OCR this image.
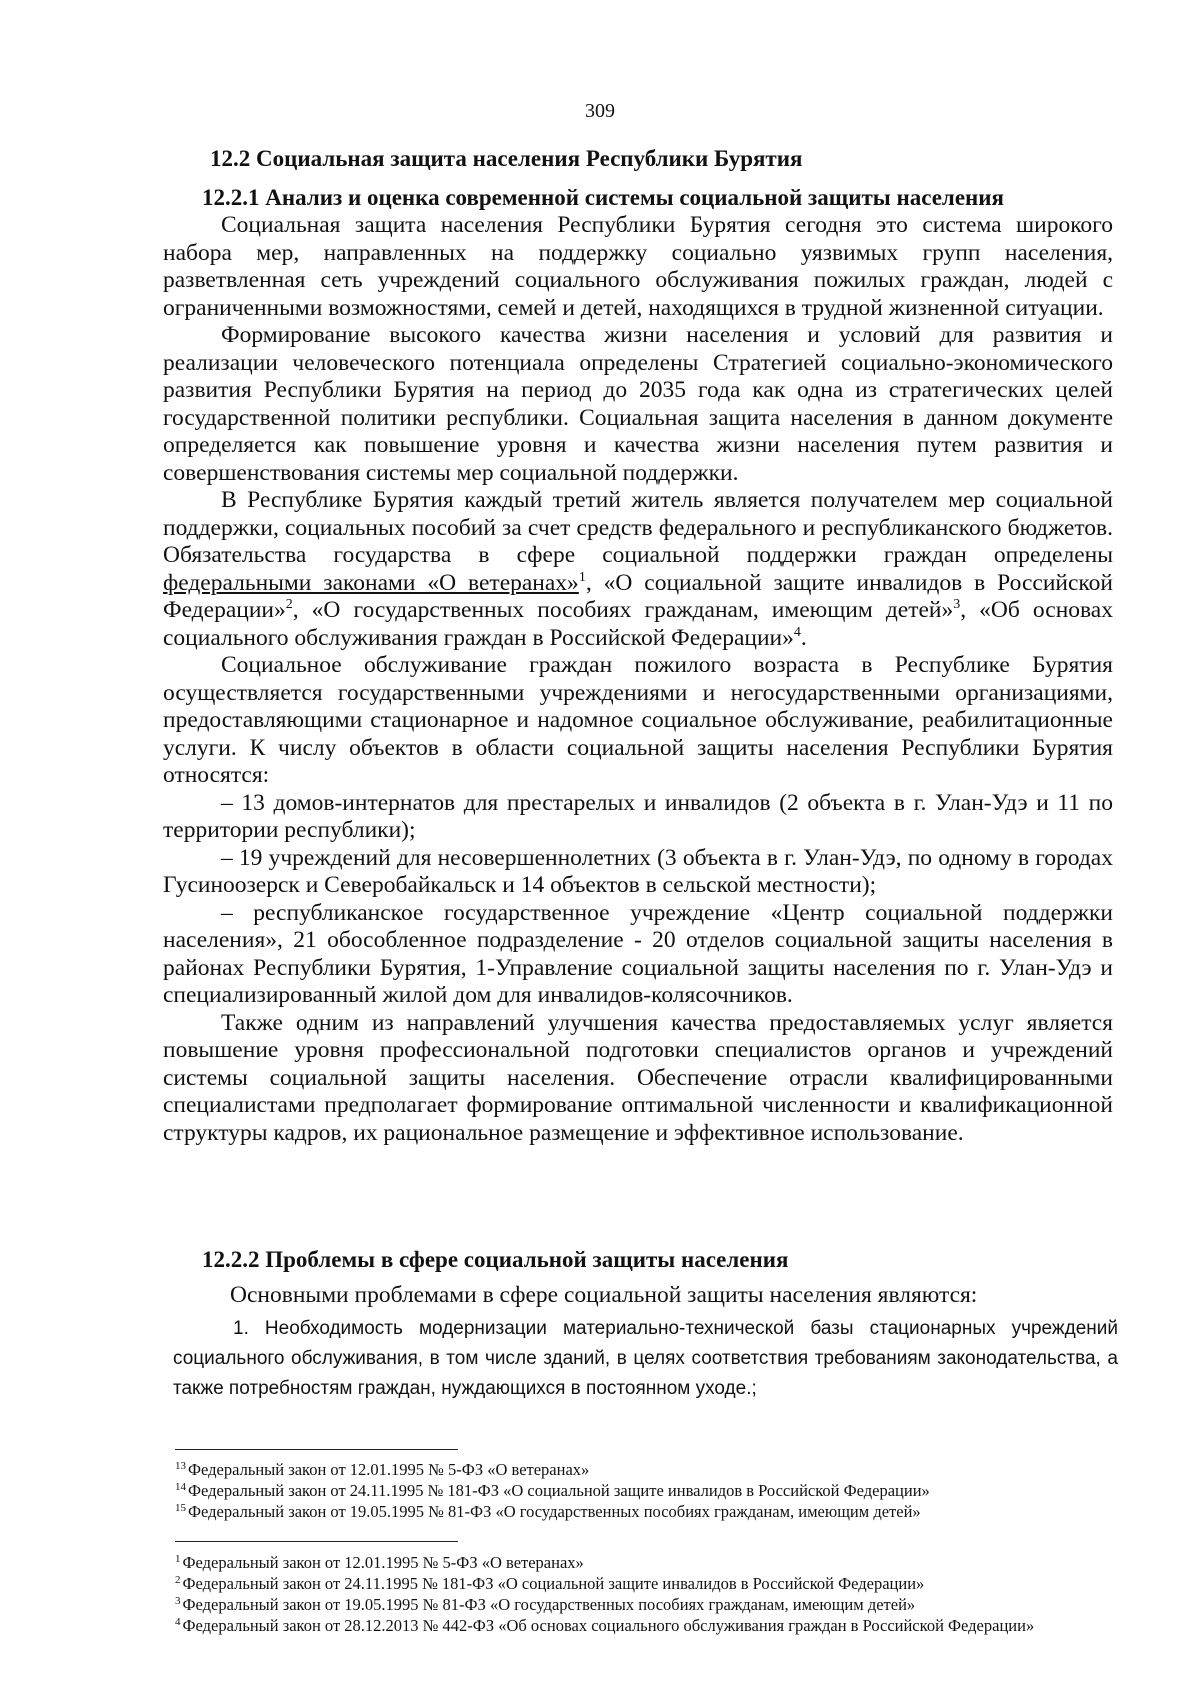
309
12.2 Социальная защита населения Республики Бурятия
12.2.1 Анализ и оценка современной системы социальной защиты населения

Социальная защита населения Республики Бурятия сегодня это система широкого набора мер, направленных на поддержку социально уязвимых групп населения, разветвленная сеть учреждений социального обслуживания пожилых граждан, людей с ограниченными возможностями, семей и детей, находящихся в трудной жизненной ситуации.

Формирование высокого качества жизни населения и условий для развития и реализации человеческого потенциала определены Стратегией социально-экономического развития Республики Бурятия на период до 2035 года как одна из стратегических целей государственной политики республики. Социальная защита населения в данном документе определяется как повышение уровня и качества жизни населения путем развития и совершенствования системы мер социальной поддержки.

В Республике Бурятия каждый третий житель является получателем мер социальной поддержки, социальных пособий за счет средств федерального и республиканского бюджетов. Обязательства государства в сфере социальной поддержки граждан определены федеральными законами «О ветеранах»$^1$, «О социальной защите инвалидов в Российской Федерации»$^2$, «О государственных пособиях гражданам, имеющим детей»$^3$, «Об основах социального обслуживания граждан в Российской Федерации»$^4$.

Социальное обслуживание граждан пожилого возраста в Республике Бурятия осуществляется государственными учреждениями и негосударственными организациями, предоставляющими стационарное и надомное социальное обслуживание, реабилитационные услуги. К числу объектов в области социальной защиты населения Республики Бурятия относятся:

– 13 домов-интернатов для престарелых и инвалидов (2 объекта в г. Улан-Удэ и 11 по территории республики);

– 19 учреждений для несовершеннолетних (3 объекта в г. Улан-Удэ, по одному в городах Гусиноозерск и Северобайкальск и 14 объектов в сельской местности);

– республиканское государственное учреждение «Центр социальной поддержки населения», 21 обособленное подразделение - 20 отделов социальной защиты населения в районах Республики Бурятия, 1-Управление социальной защиты населения по г. Улан-Удэ и специализированный жилой дом для инвалидов-колясочников.

Также одним из направлений улучшения качества предоставляемых услуг является повышение уровня профессиональной подготовки специалистов органов и учреждений системы социальной защиты населения. Обеспечение отрасли квалифицированными специалистами предполагает формирование оптимальной численности и квалификационной структуры кадров, их рациональное размещение и эффективное использование.

12.2.2 Проблемы в сфере социальной защиты населения
Основными проблемами в сфере социальной защиты населения являются:

1. Необходимость модернизации материально-технической базы стационарных учреждений социального обслуживания, в том числе зданий, в целях соответствия требованиям законодательства, а также потребностям граждан, нуждающихся в постоянном уходе.;

$^{13}$ Федеральный закон от 12.01.1995 № 5-ФЗ «О ветеранах»
$^{14}$ Федеральный закон от 24.11.1995 № 181-ФЗ «О социальной защите инвалидов в Российской Федерации»
$^{15}$ Федеральный закон от 19.05.1995 № 81-ФЗ «О государственных пособиях гражданам, имеющим детей»
$^1$ Федеральный закон от 12.01.1995 № 5-ФЗ «О ветеранах»
$^2$ Федеральный закон от 24.11.1995 № 181-ФЗ «О социальной защите инвалидов в Российской Федерации»
$^3$ Федеральный закон от 19.05.1995 № 81-ФЗ «О государственных пособиях гражданам, имеющим детей»
$^4$ Федеральный закон от 28.12.2013 № 442-ФЗ «Об основах социального обслуживания граждан в Российской Федерации»
